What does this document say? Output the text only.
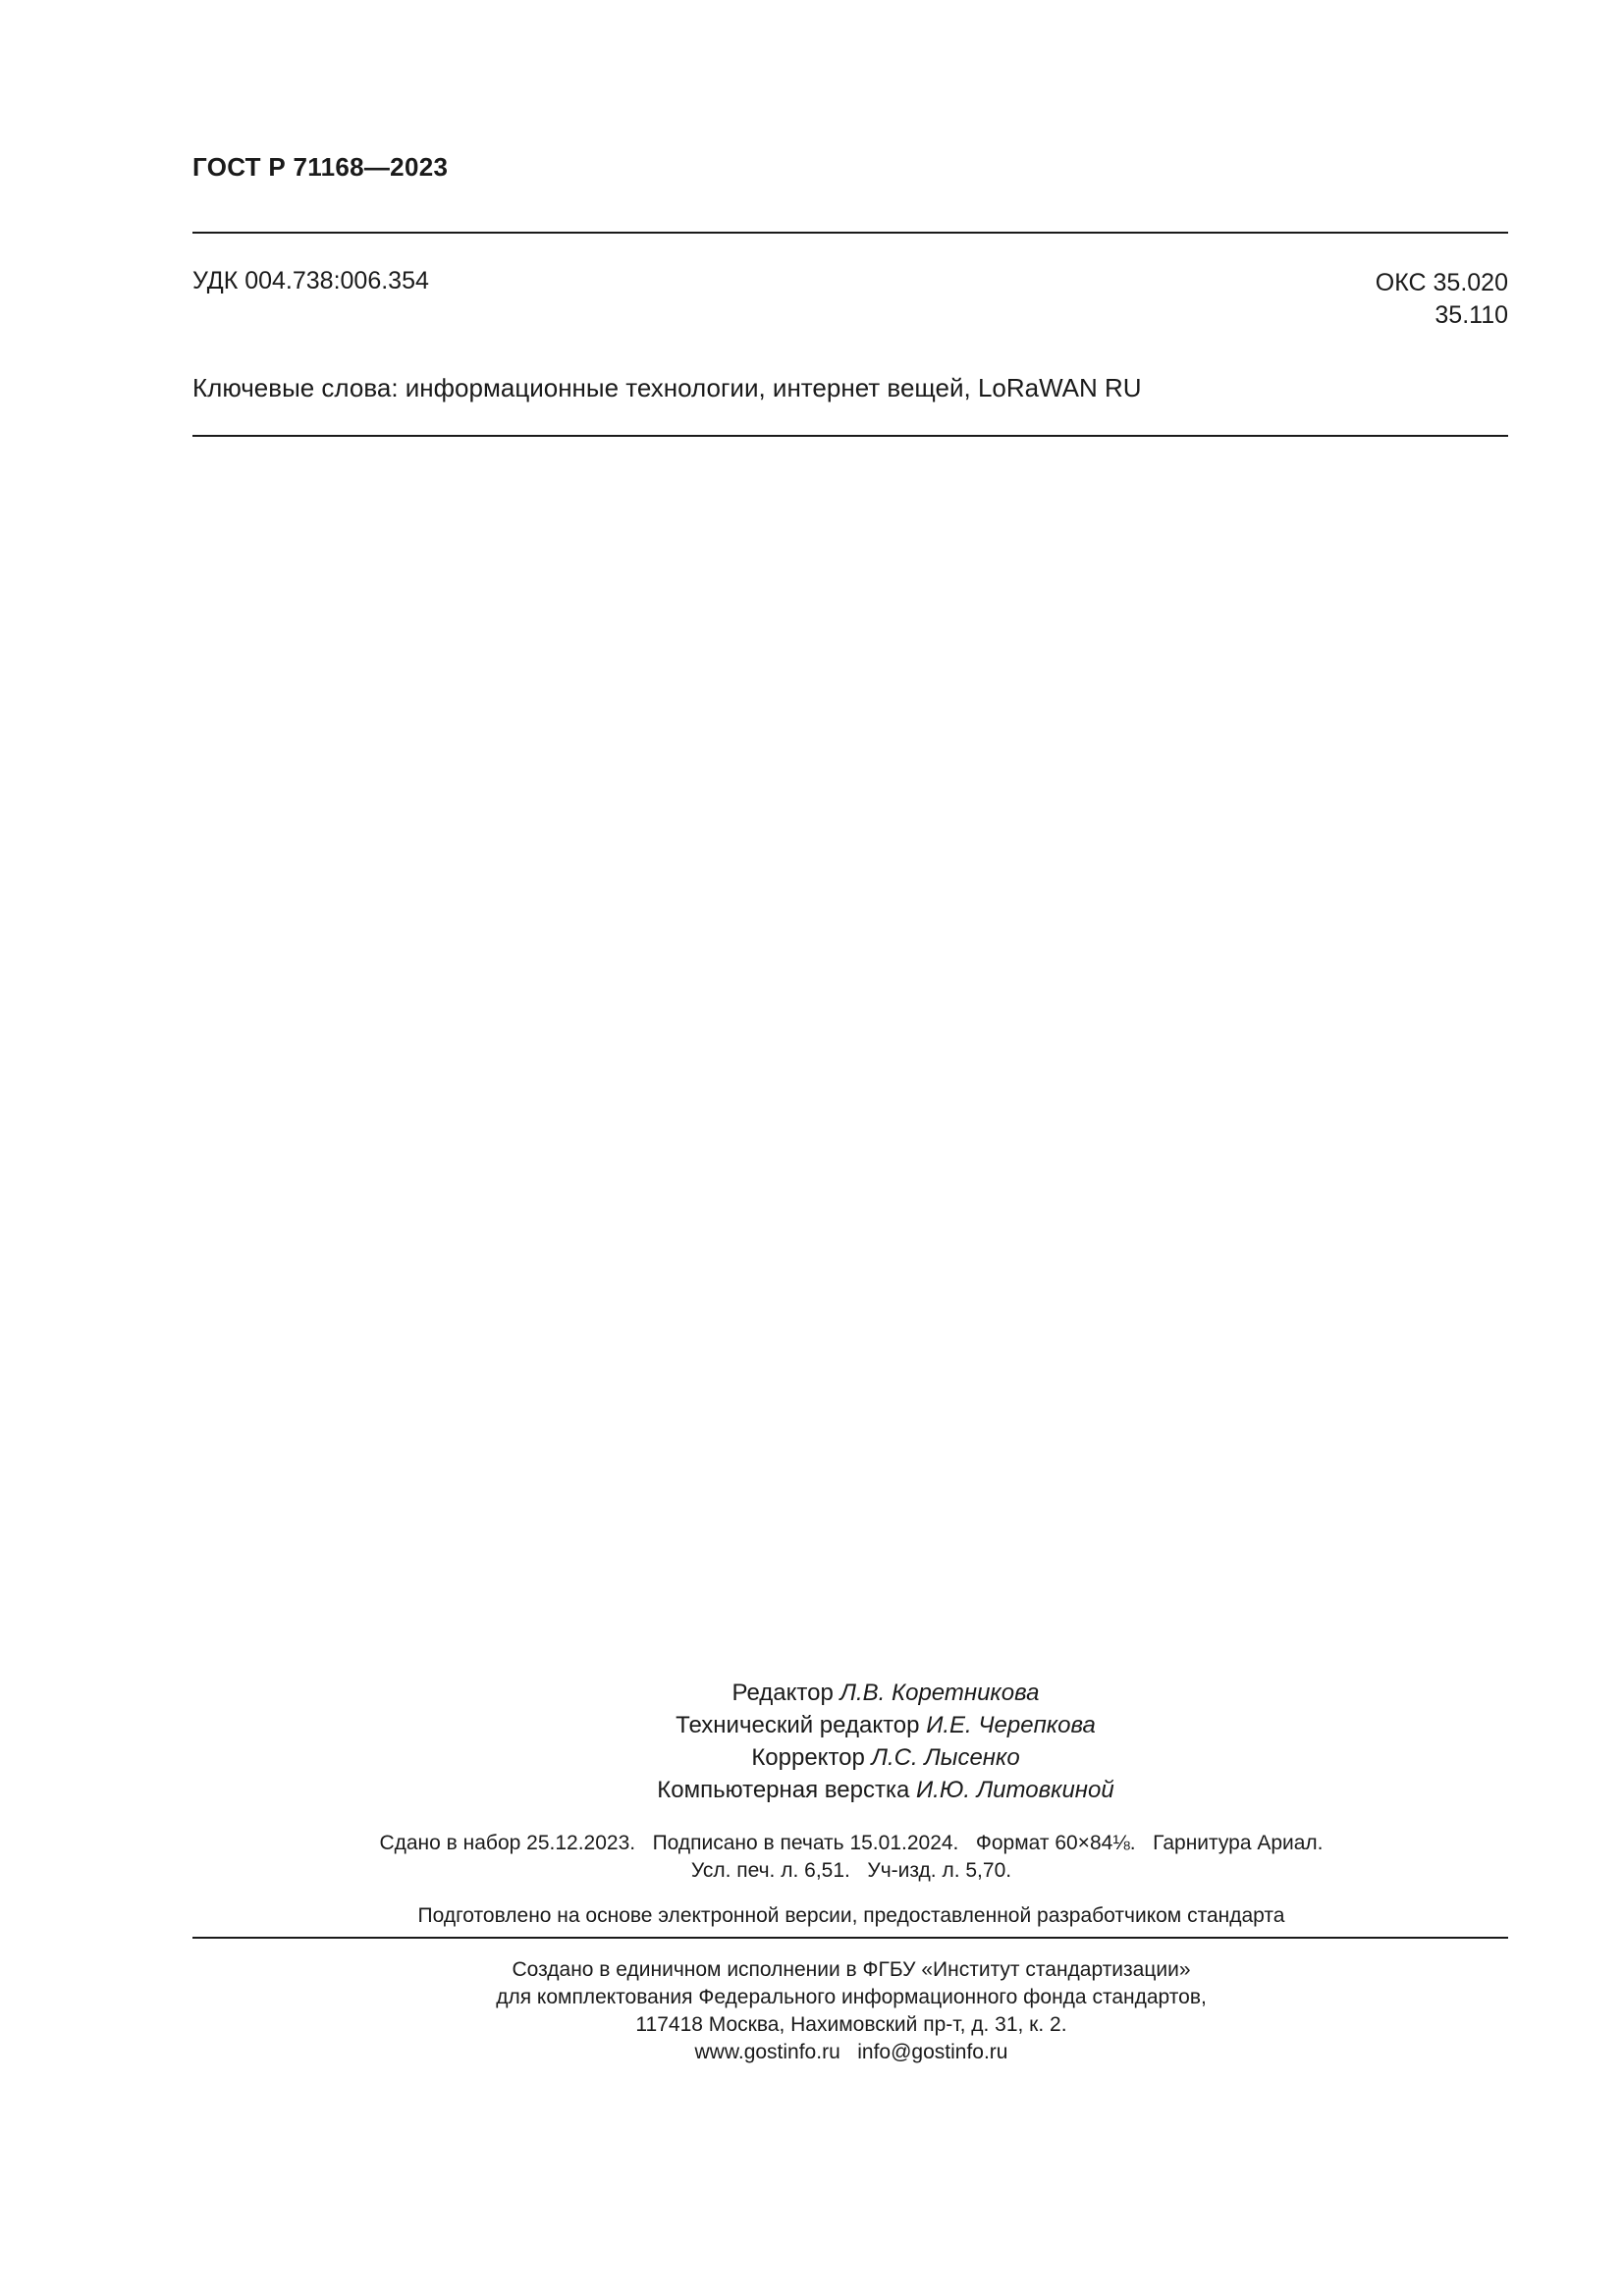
ГОСТ Р 71168—2023
УДК 004.738:006.354	ОКС 35.020
35.110
Ключевые слова: информационные технологии, интернет вещей, LoRaWAN RU
Редактор Л.В. Коретникова
Технический редактор И.Е. Черепкова
Корректор Л.С. Лысенко
Компьютерная верстка И.Ю. Литовкиной
Сдано в набор 25.12.2023.   Подписано в печать 15.01.2024.   Формат 60×84⅛.   Гарнитура Ариал.
Усл. печ. л. 6,51.   Уч-изд. л. 5,70.
Подготовлено на основе электронной версии, предоставленной разработчиком стандарта
Создано в единичном исполнении в ФГБУ «Институт стандартизации»
для комплектования Федерального информационного фонда стандартов,
117418 Москва, Нахимовский пр-т, д. 31, к. 2.
www.gostinfo.ru   info@gostinfo.ru
